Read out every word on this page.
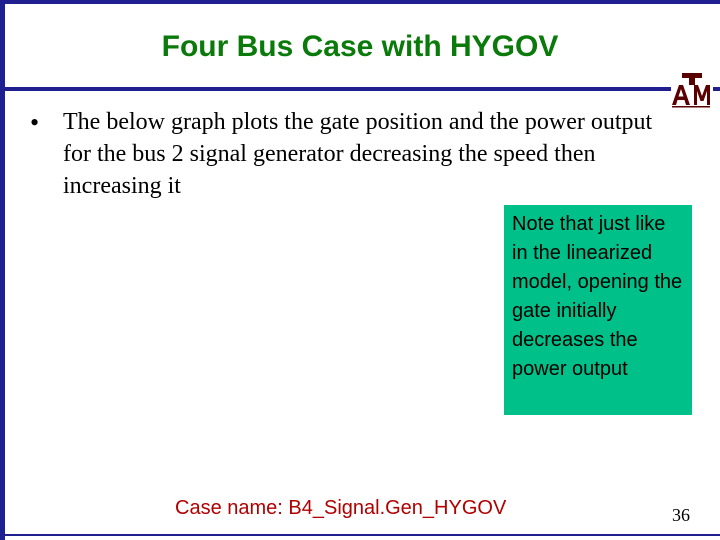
Four Bus Case with HYGOV
• The below graph plots the gate position and the power output for the bus 2 signal generator decreasing the speed then increasing it
Note that just like in the linearized model, opening the gate initially decreases the power output
Case name: B4_Signal.Gen_HYGOV	36
